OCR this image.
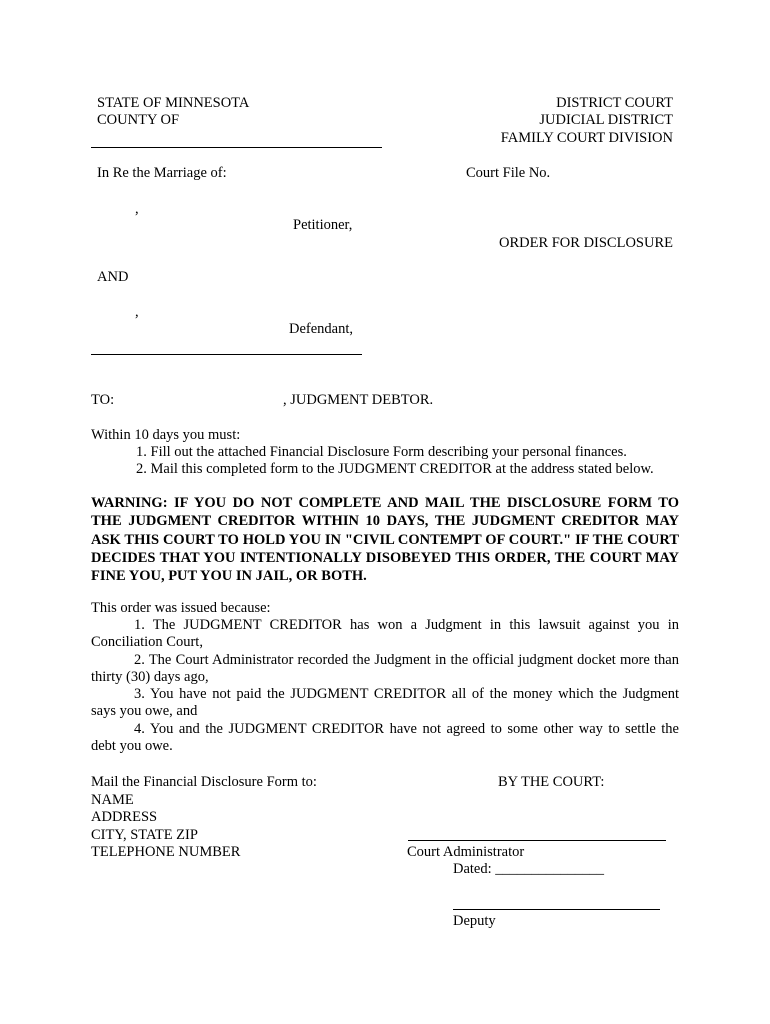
STATE OF MINNESOTA
COUNTY OF
DISTRICT COURT
JUDICIAL DISTRICT
FAMILY COURT DIVISION
In Re the Marriage of:	Court File No.
,
Petitioner,
ORDER FOR DISCLOSURE
AND
,
Defendant,
TO:	, JUDGMENT DEBTOR.
Within 10 days you must:
1. Fill out the attached Financial Disclosure Form describing your personal finances.
2. Mail this completed form to the JUDGMENT CREDITOR at the address stated below.
WARNING: IF YOU DO NOT COMPLETE AND MAIL THE DISCLOSURE FORM TO THE JUDGMENT CREDITOR WITHIN 10 DAYS, THE JUDGMENT CREDITOR MAY ASK THIS COURT TO HOLD YOU IN "CIVIL CONTEMPT OF COURT." IF THE COURT DECIDES THAT YOU INTENTIONALLY DISOBEYED THIS ORDER, THE COURT MAY FINE YOU, PUT YOU IN JAIL, OR BOTH.
This order was issued because:

1. The JUDGMENT CREDITOR has won a Judgment in this lawsuit against you in Conciliation Court,

2. The Court Administrator recorded the Judgment in the official judgment docket more than thirty (30) days ago,

3. You have not paid the JUDGMENT CREDITOR all of the money which the Judgment says you owe, and

4. You and the JUDGMENT CREDITOR have not agreed to some other way to settle the debt you owe.

Mail the Financial Disclosure Form to:
NAME
ADDRESS
CITY, STATE ZIP
TELEPHONE NUMBER
BY THE COURT:
Court Administrator
Dated: _______________
Deputy
